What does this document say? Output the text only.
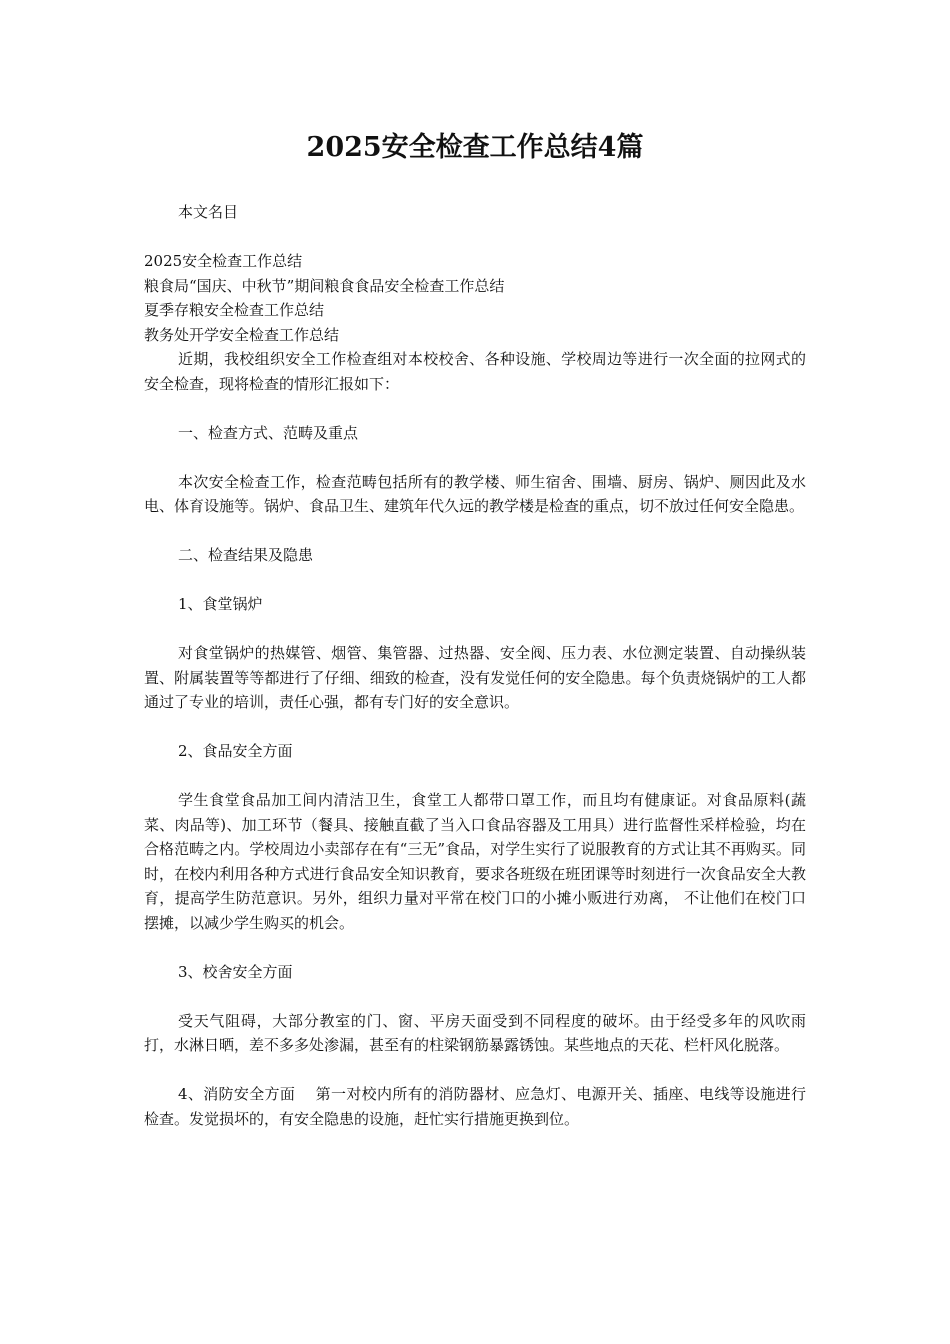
2025安全检查工作总结4篇

本文名目

2025安全检查工作总结

粮食局“国庆、中秋节”期间粮食食品安全检查工作总结

夏季存粮安全检查工作总结

教务处开学安全检查工作总结

近期，我校组织安全工作检查组对本校校舍、各种设施、学校周边等进行一次全面的拉网式的安全检查，现将检查的情形汇报如下：

一、检查方式、范畴及重点

本次安全检查工作，检查范畴包括所有的教学楼、师生宿舍、围墙、厨房、锅炉、厕因此及水电、体育设施等。锅炉、食品卫生、建筑年代久远的教学楼是检查的重点，切不放过任何安全隐患。

二、检查结果及隐患

1、食堂锅炉

对食堂锅炉的热媒管、烟管、集管器、过热器、安全阀、压力表、水位测定装置、自动操纵装置、附属装置等等都进行了仔细、细致的检查，没有发觉任何的安全隐患。每个负责烧锅炉的工人都通过了专业的培训，责任心强，都有专门好的安全意识。

2、食品安全方面

学生食堂食品加工间内清洁卫生，食堂工人都带口罩工作，而且均有健康证。对食品原料(蔬菜、肉品等)、加工环节（餐具、接触直截了当入口食品容器及工用具）进行监督性采样检验，均在合格范畴之内。学校周边小卖部存在有“三无”食品，对学生实行了说服教育的方式让其不再购买。同时，在校内利用各种方式进行食品安全知识教育，要求各班级在班团课等时刻进行一次食品安全大教育，提高学生防范意识。另外，组织力量对平常在校门口的小摊小贩进行劝离， 不让他们在校门口摆摊，以减少学生购买的机会。

3、校舍安全方面

受天气阻碍，大部分教室的门、窗、平房天面受到不同程度的破坏。由于经受多年的风吹雨打，水淋日晒，差不多多处渗漏，甚至有的柱梁钢筋暴露锈蚀。某些地点的天花、栏杆风化脱落。

4、消防安全方面　 第一对校内所有的消防器材、应急灯、电源开关、插座、电线等设施进行检查。发觉损坏的，有安全隐患的设施，赶忙实行措施更换到位。
